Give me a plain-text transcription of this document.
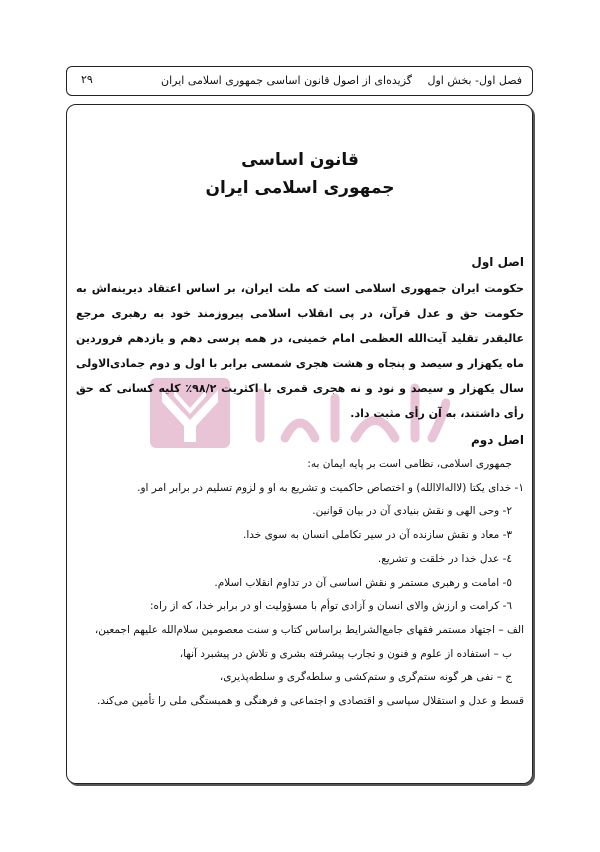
فصل اول- بخش اول
گزیده‌ای از اصول قانون اساسی جمهوری اسلامی ایران
۲۹
قانون اساسی
جمهوری اسلامی ایران
اصل اول
حکومت ایران جمهوری اسلامی است که ملت ایران، بر اساس اعتقاد دیرینه‌اش به حکومت حق و عدل قرآن، در پی انقلاب اسلامی پیروزمند خود به رهبری مرجع عالیقدر تقلید آیت‌الله العظمی امام خمینی، در همه پرسی دهم و یازدهم فروردین ماه یکهزار و سیصد و پنجاه و هشت هجری شمسی برابر با اول و دوم جمادی‌الاولی سال یکهزار و سیصد و نود و نه هجری قمری با اکثریت ۹۸/۲٪ کلیه کسانی که حق رأی داشتند، به آن رأی مثبت داد.
اصل دوم
جمهوری اسلامی، نظامی است بر پایه ایمان به:
۱- خدای یکتا (لااله‌الاالله) و اختصاص حاکمیت و تشریع به او و لزوم تسلیم در برابر امر او.
۲- وحی الهی و نقش بنیادی آن در بیان قوانین.
۳- معاد و نقش سازنده آن در سیر تکاملی انسان به سوی خدا.
٤- عدل خدا در خلقت و تشریع.
٥- امامت و رهبری مستمر و نقش اساسی آن در تداوم انقلاب اسلام.
٦- کرامت و ارزش والای انسان و آزادی توأم با مسؤولیت او در برابر خدا، که از راه:
الف – اجتهاد مستمر فقهای جامع‌الشرایط براساس کتاب و سنت معصومین سلام‌الله علیهم اجمعین،
ب – استفاده از علوم و فنون و تجارب پیشرفته بشری و تلاش در پیشبرد آنها،
ج – نفی هر گونه ستم‌گری و ستم‌کشی و سلطه‌گری و سلطه‌پذیری،
قسط و عدل و استقلال سیاسی و اقتصادی و اجتماعی و فرهنگی و همبستگی ملی را تأمین می‌کند.
